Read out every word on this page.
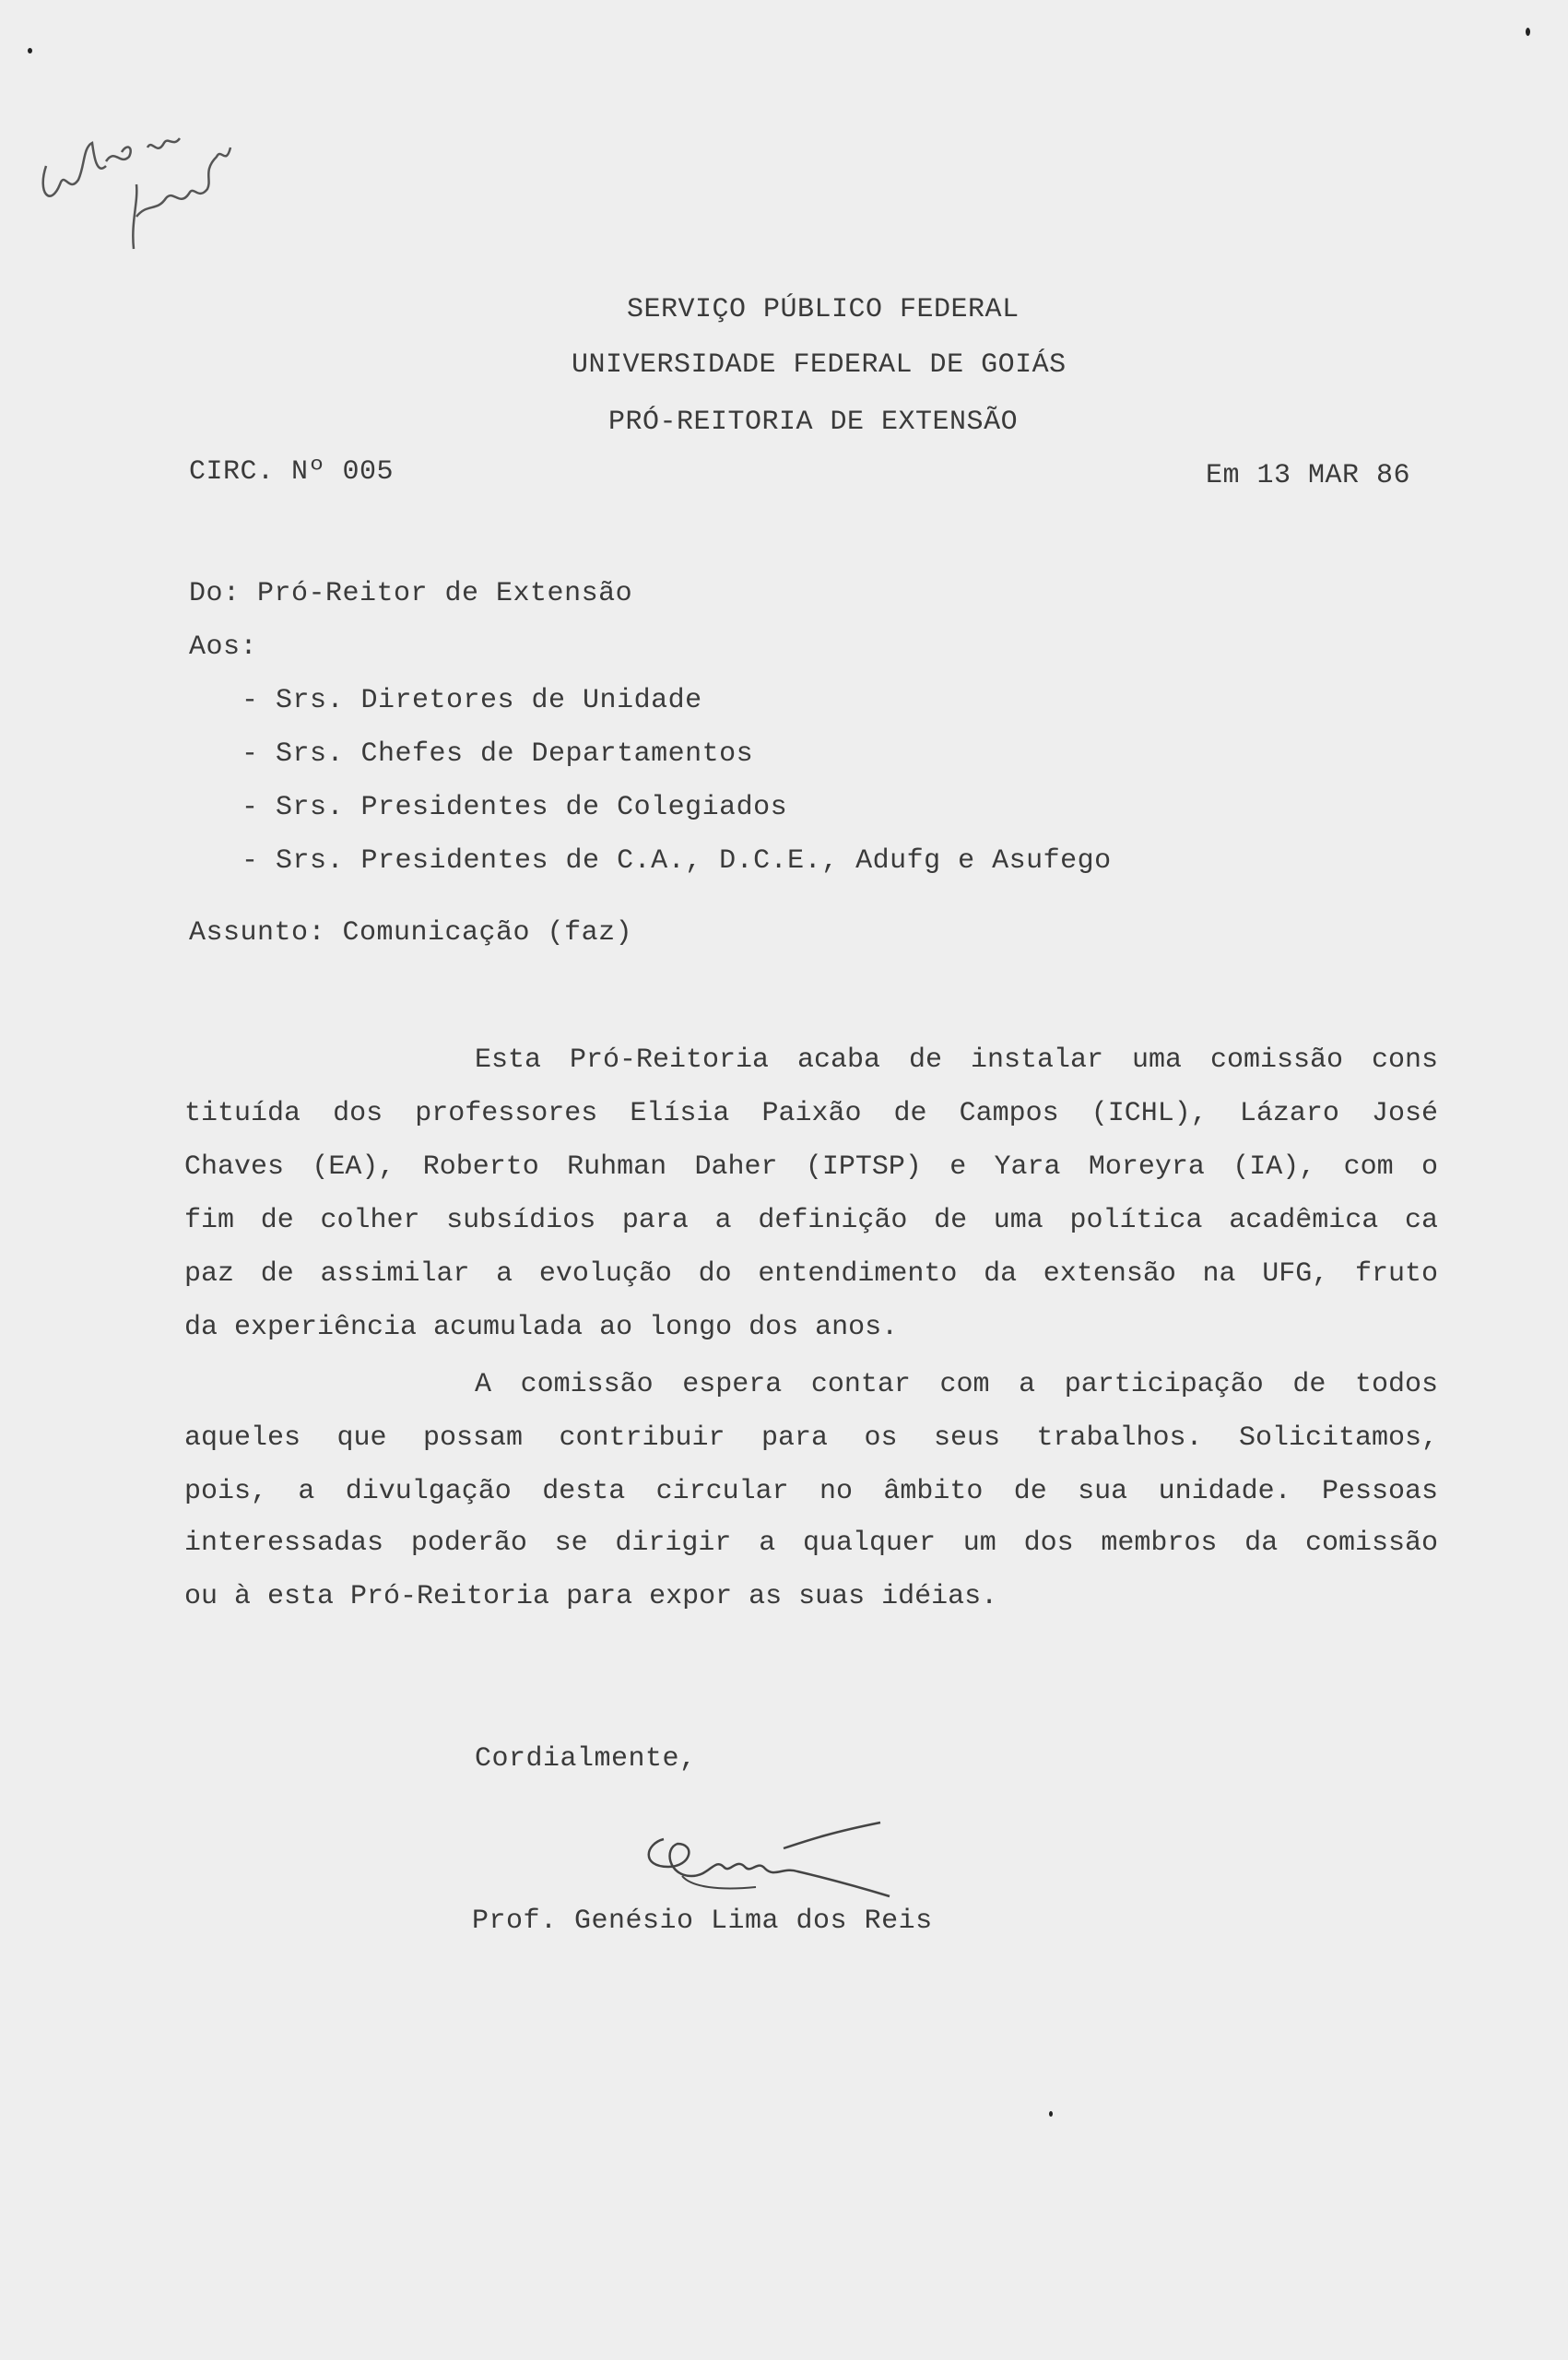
SERVIÇO PÚBLICO FEDERAL
UNIVERSIDADE FEDERAL DE GOIÁS
PRÓ-REITORIA DE EXTENSÃO
CIRC. Nº 005	Em 13 MAR 86
Do: Pró-Reitor de Extensão
Aos:
- Srs. Diretores de Unidade
- Srs. Chefes de Departamentos
- Srs. Presidentes de Colegiados
- Srs. Presidentes de C.A., D.C.E., Adufg e Asufego
Assunto: Comunicação (faz)
Esta Pró-Reitoria acaba de instalar uma comissão cons
tituída dos professores Elísia Paixão de Campos (ICHL), Lázaro José
Chaves (EA), Roberto Ruhman Daher (IPTSP) e Yara Moreyra (IA), com o
fim de colher subsídios para a definição de uma política acadêmica ca
paz de assimilar a evolução do entendimento da extensão na UFG, fruto
da experiência acumulada ao longo dos anos.
A comissão espera contar com a participação de todos
aqueles que possam contribuir para os seus trabalhos. Solicitamos,
pois, a divulgação desta circular no âmbito de sua unidade. Pessoas
interessadas poderão se dirigir a qualquer um dos membros da comissão
ou à esta Pró-Reitoria para expor as suas idéias.
Cordialmente,
Prof. Genésio Lima dos Reis
